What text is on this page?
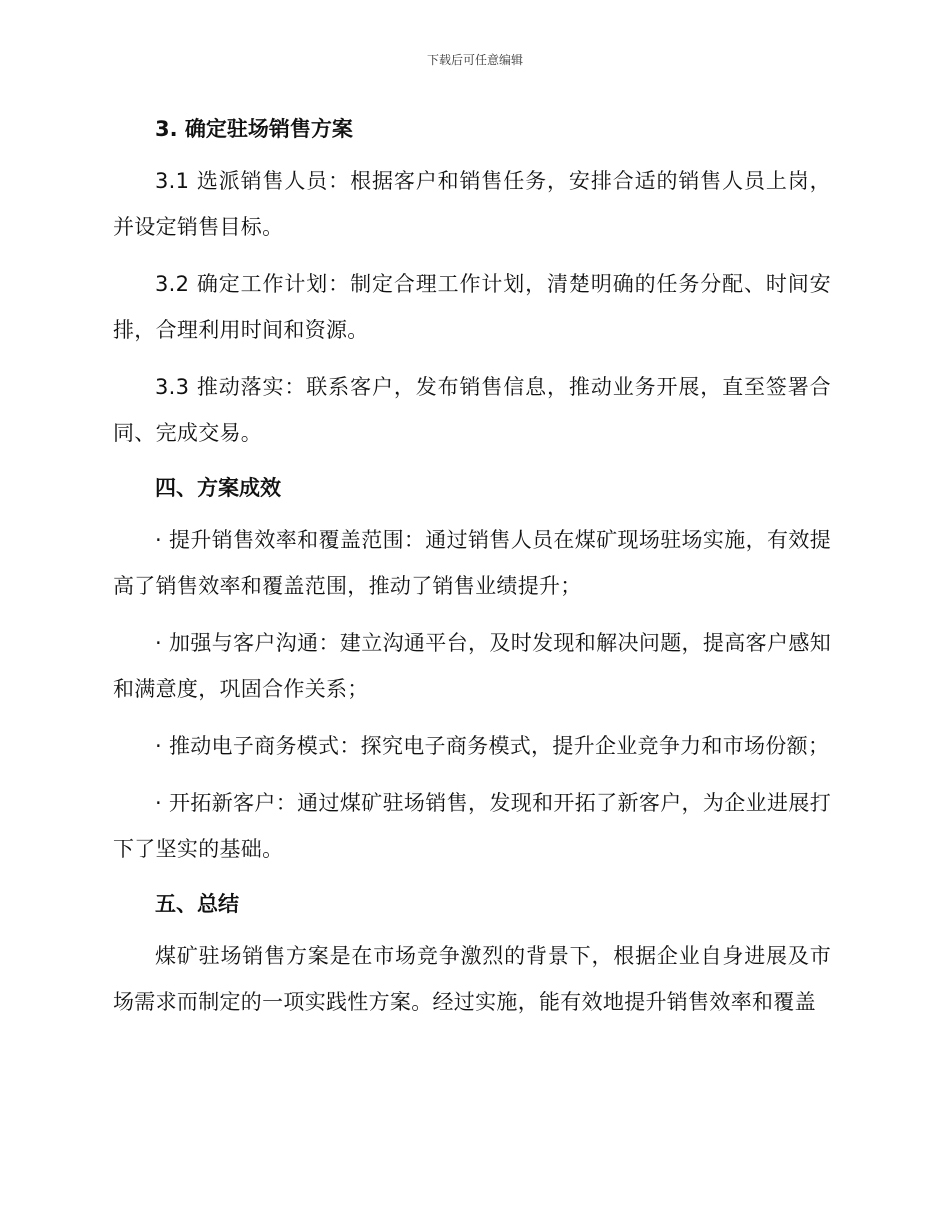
下载后可任意编辑
3. 确定驻场销售方案

3.1 选派销售人员：根据客户和销售任务，安排合适的销售人员上岗，并设定销售目标。

3.2 确定工作计划：制定合理工作计划，清楚明确的任务分配、时间安排，合理利用时间和资源。

3.3 推动落实：联系客户，发布销售信息，推动业务开展，直至签署合同、完成交易。

四、方案成效

· 提升销售效率和覆盖范围：通过销售人员在煤矿现场驻场实施，有效提高了销售效率和覆盖范围，推动了销售业绩提升；

· 加强与客户沟通：建立沟通平台，及时发现和解决问题，提高客户感知和满意度，巩固合作关系；

· 推动电子商务模式：探究电子商务模式，提升企业竞争力和市场份额；

· 开拓新客户：通过煤矿驻场销售，发现和开拓了新客户，为企业进展打下了坚实的基础。

五、总结

煤矿驻场销售方案是在市场竞争激烈的背景下，根据企业自身进展及市场需求而制定的一项实践性方案。经过实施，能有效地提升销售效率和覆盖
